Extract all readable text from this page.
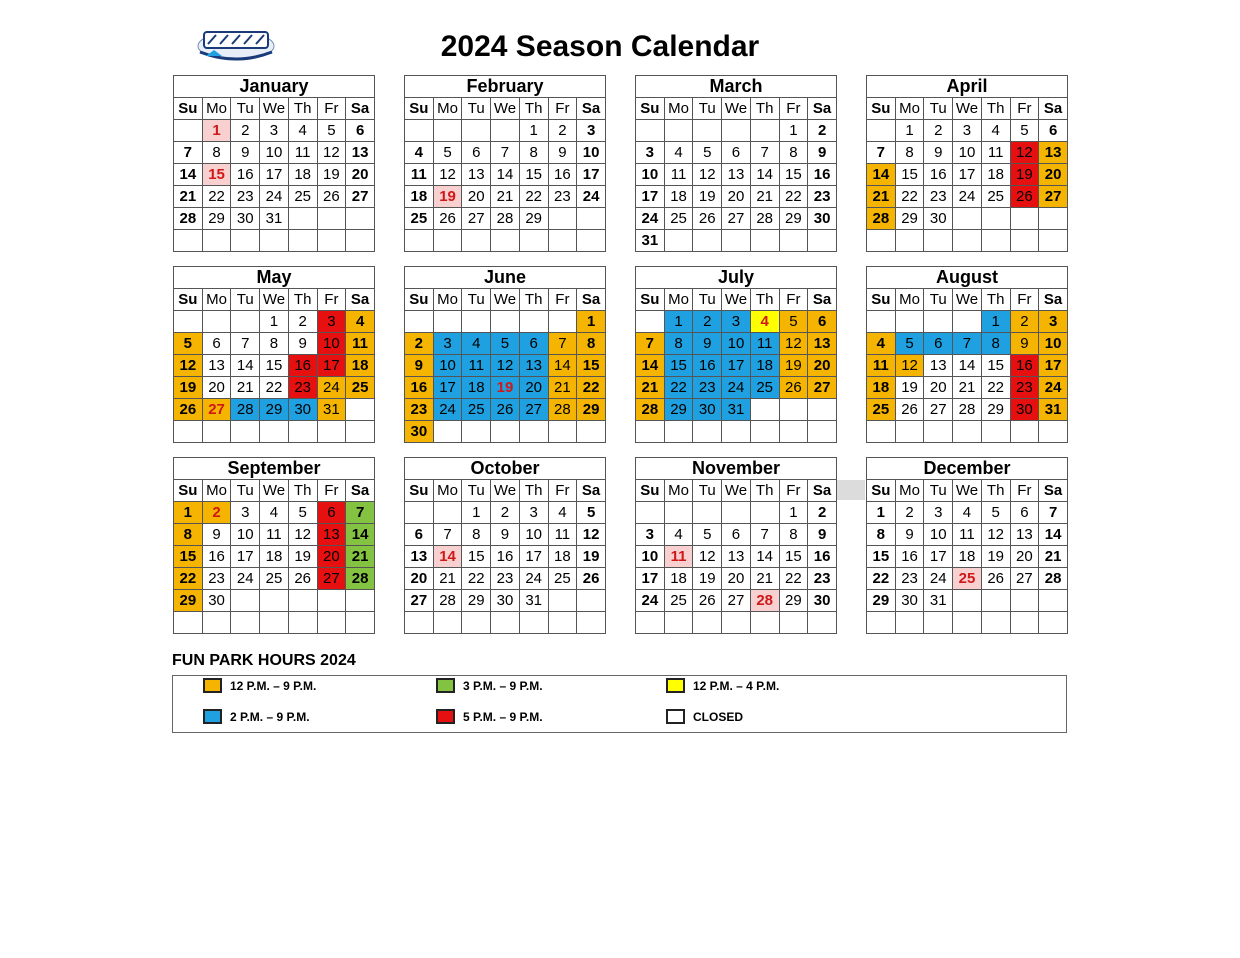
2024 Season Calendar
January						
Su	Mo	Tu	We	Th	Fr	Sa
	1	2	3	4	5	6
7	8	9	10	11	12	13
14	15	16	17	18	19	20
21	22	23	24	25	26	27
28	29	30	31			

February						
Su	Mo	Tu	We	Th	Fr	Sa
				1	2	3
4	5	6	7	8	9	10
11	12	13	14	15	16	17
18	19	20	21	22	23	24
25	26	27	28	29		

March						
Su	Mo	Tu	We	Th	Fr	Sa
					1	2
3	4	5	6	7	8	9
10	11	12	13	14	15	16
17	18	19	20	21	22	23
24	25	26	27	28	29	30
31						
April						
Su	Mo	Tu	We	Th	Fr	Sa
	1	2	3	4	5	6
7	8	9	10	11	12	13
14	15	16	17	18	19	20
21	22	23	24	25	26	27
28	29	30				

May						
Su	Mo	Tu	We	Th	Fr	Sa
			1	2	3	4
5	6	7	8	9	10	11
12	13	14	15	16	17	18
19	20	21	22	23	24	25
26	27	28	29	30	31	

June						
Su	Mo	Tu	We	Th	Fr	Sa
						1
2	3	4	5	6	7	8
9	10	11	12	13	14	15
16	17	18	19	20	21	22
23	24	25	26	27	28	29
30						
July						
Su	Mo	Tu	We	Th	Fr	Sa
	1	2	3	4	5	6
7	8	9	10	11	12	13
14	15	16	17	18	19	20
21	22	23	24	25	26	27
28	29	30	31			

August						
Su	Mo	Tu	We	Th	Fr	Sa
				1	2	3
4	5	6	7	8	9	10
11	12	13	14	15	16	17
18	19	20	21	22	23	24
25	26	27	28	29	30	31

September						
Su	Mo	Tu	We	Th	Fr	Sa
1	2	3	4	5	6	7
8	9	10	11	12	13	14
15	16	17	18	19	20	21
22	23	24	25	26	27	28
29	30					

October						
Su	Mo	Tu	We	Th	Fr	Sa
		1	2	3	4	5
6	7	8	9	10	11	12
13	14	15	16	17	18	19
20	21	22	23	24	25	26
27	28	29	30	31		

November						
Su	Mo	Tu	We	Th	Fr	Sa
					1	2
3	4	5	6	7	8	9
10	11	12	13	14	15	16
17	18	19	20	21	22	23
24	25	26	27	28	29	30

December						
Su	Mo	Tu	We	Th	Fr	Sa
1	2	3	4	5	6	7
8	9	10	11	12	13	14
15	16	17	18	19	20	21
22	23	24	25	26	27	28
29	30	31				

FUN PARK HOURS 2024
12 P.M. – 9 P.M.	3 P.M. – 9 P.M.	12 P.M. – 4 P.M.
2 P.M. – 9 P.M.	5 P.M. – 9 P.M.	CLOSED
